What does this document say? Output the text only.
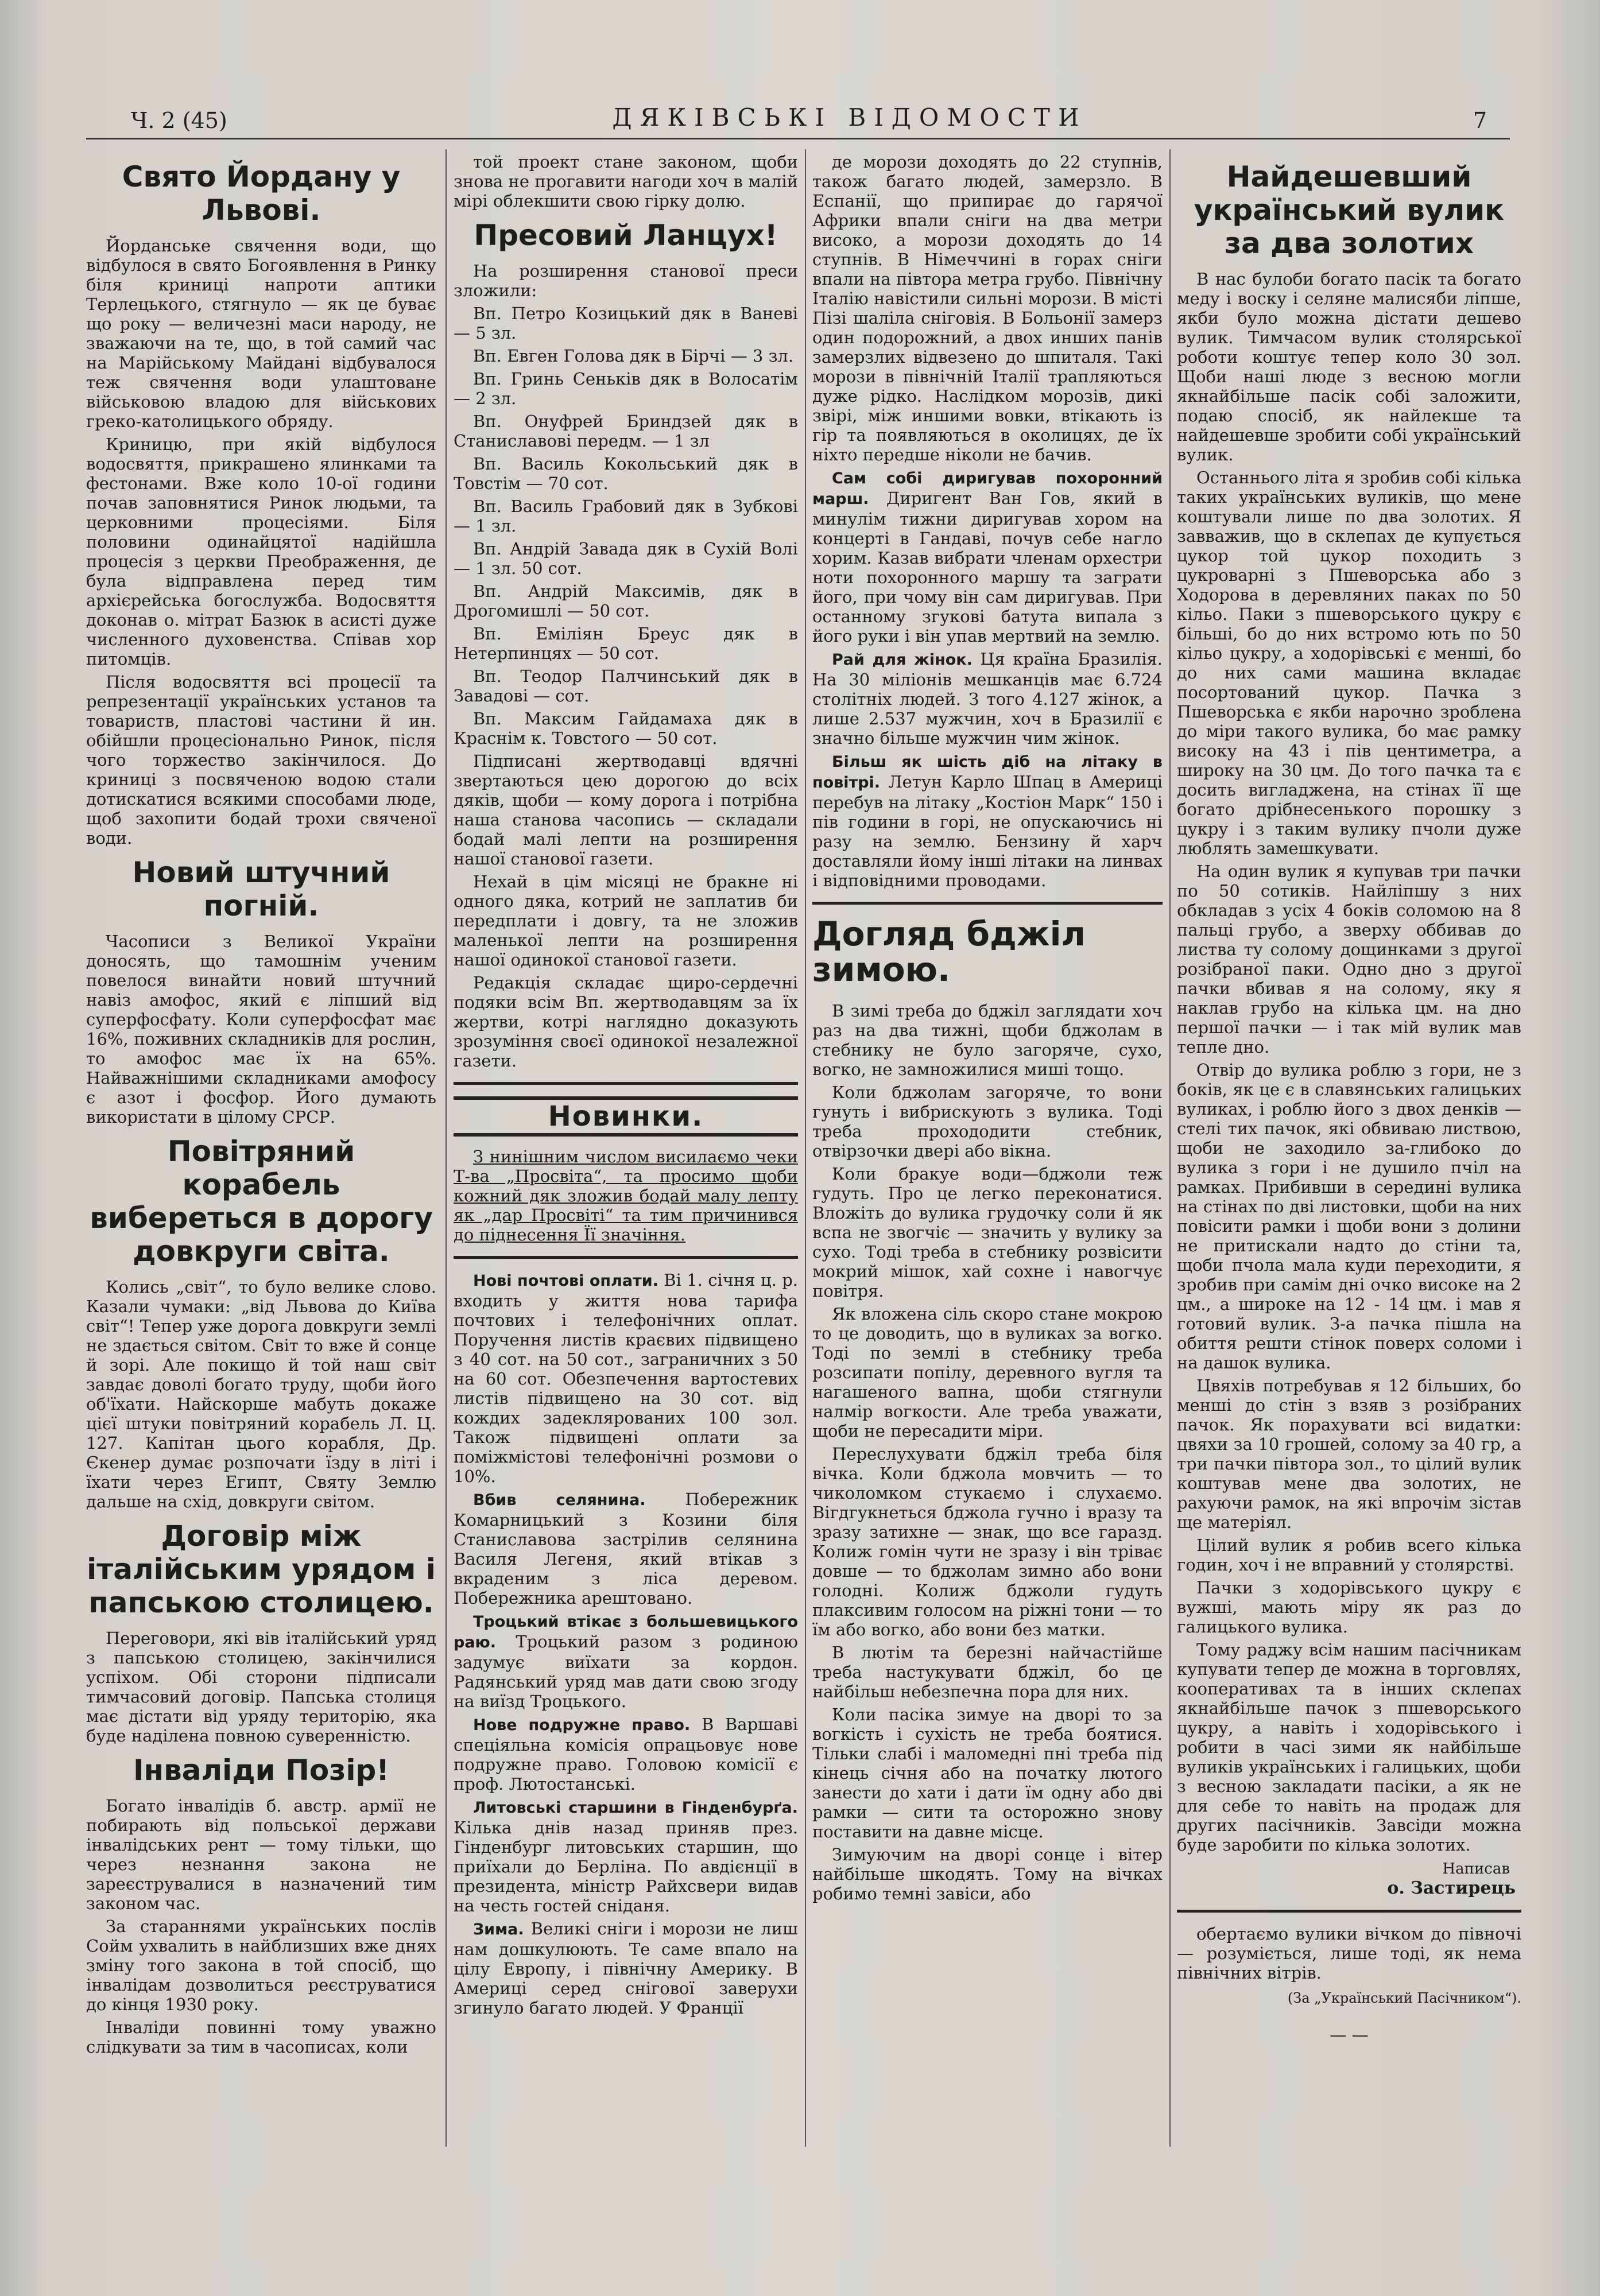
Ч. 2 (45)	ДЯКІВСЬКІ ВІДОМОСТИ	7
Свято Йордану у Львові.

Йорданське свячення води, що відбулося в свято Богоявлення в Ринку біля криниці напроти аптики Терлецького, стягнуло — як це буває що року — величезні маси народу, не зважаючи на те, що, в той самий час на Марійському Майдані відбувалося теж свячення води улаштоване військовою владою для військових греко-католицького обряду.

Криницю, при якій відбулося водосвяття, прикрашено ялинками та фестонами. Вже коло 10-ої години почав заповнятися Ринок людьми, та церковними процесіями. Біля половини одинайцятої надійшла процесія з церкви Преображення, де була відправлена перед тим архієрейська богослужба. Водосвяття доконав о. мітрат Базюк в асисті дуже численного духовенства. Співав хор питомців.

Після водосвяття всі процесії та репрезентації українських установ та товариств, пластові частини й ин. обійшли процесіонально Ринок, після чого торжество закінчилося. До криниці з посвяченою водою стали дотискатися всякими способами люде, щоб захопити бодай трохи свяченої води.

Новий штучний погній.

Часописи з Великої України доносять, що тамошнім ученим повелося винайти новий штучний навіз амофос, який є ліпший від суперфосфату. Коли суперфосфат має 16%, поживних складників для рослин, то амофос має їх на 65%. Найважнішими складниками амофосу є азот і фосфор. Його думають використати в цілому СРСР.

Повітряний корабель вибереться в дорогу довкруги світа.

Колись „світ“, то було велике слово. Казали чумаки: „від Львова до Київа світ“! Тепер уже дорога довкруги землі не здається світом. Світ то вже й сонце й зорі. Але покищо й той наш світ завдає доволі богато труду, щоби його об'їхати. Найскорше мабуть докаже цієї штуки повітряний корабель Л. Ц. 127. Капітан цього корабля, Др. Єкенер думає розпочати їзду в літі і їхати через Египт, Святу Землю дальше на схід, довкруги світом.

Договір між італійським урядом і папською столицею.

Переговори, які вів італійський уряд з папською столицею, закінчилися успіхом. Обі сторони підписали тимчасовий договір. Папська столиця має дістати від уряду територію, яка буде наділена повною суверенністю.

Інваліди Позір!

Богато інвалідів б. австр. армії не побирають від польської держави інвалідських рент — тому тільки, що через незнання закона не зареєструвалися в назначений тим законом час.

За стараннями українських послів Сойм ухвалить в найблизших вже днях зміну того закона в той спосіб, що інвалідам дозволиться реєструватися до кінця 1930 року.

Інваліди повинні тому уважно слідкувати за тим в часописах, коли

той проект стане законом, щоби знова не прогавити нагоди хоч в малій мірі облекшити свою гірку долю.

Пресовий Ланцух!

На розширення станової преси зложили:

Вп. Петро Козицький дяк в Ваневі — 5 зл.

Вп. Евген Голова дяк в Бірчі — 3 зл.

Вп. Гринь Сеньків дяк в Волосатім — 2 зл.

Вп. Онуфрей Бриндзей дяк в Станиславові передм. — 1 зл

Вп. Василь Кокольський дяк в Товстім — 70 сот.

Вп. Василь Грабовий дяк в Зубкові — 1 зл.

Вп. Андрій Завада дяк в Сухій Волі — 1 зл. 50 сот.

Вп. Андрій Максимів, дяк в Дрогомишлі — 50 сот.

Вп. Еміліян Бреус дяк в Нетерпинцях — 50 сот.

Вп. Теодор Палчинський дяк в Завадові — сот.

Вп. Максим Гайдамаха дяк в Краснім к. Товстого — 50 сот.

Підписані жертводавці вдячні звертаються цею дорогою до всіх дяків, щоби — кому дорога і потрібна наша станова часопись — складали бодай малі лепти на розширення нашої станової газети.

Нехай в цім місяці не бракне ні одного дяка, котрий не заплатив би передплати і довгу, та не зложив маленької лепти на розширення нашої одинокої станової газети.

Редакція складає щиро-сердечні подяки всім Вп. жертводавцям за їх жертви, котрі наглядно доказують зрозуміння своєї одинокої незалежної газети.

Новинки.

З нинішним числом висилаємо чеки Т-ва „Просвіта“, та просимо щоби кожний дяк зложив бодай малу лепту як „дар Просвіті“ та тим причинився до піднесення Її значіння.

Нові почтові оплати. Ві 1. січня ц. р. входить у життя нова тарифа почтових і телефонічних оплат. Поручення листів краєвих підвищено з 40 сот. на 50 сот., заграничних з 50 на 60 сот. Обезпечення вартостевих листів підвищено на 30 сот. від кождих задеклярованих 100 зол. Також підвищені оплати за поміжмістові телефонічні розмови о 10%.

Вбив селянина. Побережник Комарницький з Козини біля Станиславова застрілив селянина Василя Легеня, який втікав з вкраденим з ліса деревом. Побережника арештовано.

Троцький втікає з большевицького раю. Троцький разом з родиною задумує виїхати за кордон. Радянський уряд мав дати свою згоду на виїзд Троцького.

Нове подружне право. В Варшаві спеціяльна комісія опрацьовує нове подружне право. Головою комісії є проф. Лютостанські.

Литовські старшини в Гінденбурґа. Кілька днів назад приняв през. Гінденбург литовських старшин, що приїхали до Берліна. По авдієнції в президента, міністр Райхсвери видав на честь гостей сніданя.

Зима. Великі сніги і морози не лиш нам дошкулюють. Те саме впало на цілу Европу, і північну Америку. В Америці серед снігової заверухи згинуло багато людей. У Франції

де морози доходять до 22 ступнів, також багато людей, замерзло. В Еспанії, що припирає до гарячої Африки впали сніги на два метри високо, а морози доходять до 14 ступнів. В Німеччині в горах сніги впали на півтора метра грубо. Північну Італію навістили сильні морози. В місті Пізі шаліла сніговія. В Больонії замерз один подорожний, а двох инших панів замерзлих відвезено до шпиталя. Такі морози в північній Італії трапляються дуже рідко. Наслідком морозів, дикі звірі, між иншими вовки, втікають із гір та появляються в околицях, де їх ніхто передше ніколи не бачив.

Сам собі диригував похоронний марш. Диригент Ван Гов, який в минулім тижни диригував хором на концерті в Гандаві, почув себе нагло хорим. Казав вибрати членам орхестри ноти похоронного маршу та заграти його, при чому він сам диригував. При останному згукові батута випала з його руки і він упав мертвий на землю.

Рай для жінок. Ця країна Бразилія. На 30 міліонів мешканців має 6.724 столітніх людей. З того 4.127 жінок, а лише 2.537 мужчин, хоч в Бразилії є значно більше мужчин чим жінок.

Більш як шість діб на літаку в повітрі. Летун Карло Шпац в Америці перебув на літаку „Костіон Марк“ 150 і пів години в горі, не опускаючись ні разу на землю. Бензину й харч доставляли йому інші літаки на линвах і відповідними проводами.

Догляд бджіл зимою.

В зимі треба до бджіл заглядати хоч раз на два тижні, щоби бджолам в стебнику не було загорячe, сухо, вогко, не замножилися миші тощо.

Коли бджолам загоряче, то вони гунуть і вибрискують з вулика. Тоді треба прохододити стебник, отвірзочки дверi або вікна.

Коли бракуе води—бджоли теж гудуть. Про це легко переконатися. Вложіть до вулика грудочку соли й як вспа не звогчіє — значить у вулику за сухо. Тоді треба в стебнику розвісити мокрий мішок, хай сохне і навогчує повітря.

Як вложена сіль скоро стане мокрою то це доводить, що в вуликах за вогко. Тоді по землі в стебнику треба розсипати попілу, деревного вугля та нагашеного вапна, щоби стягнули налмір вогкости. Але треба уважати, щоби не пересадити міри.

Переслухувати бджіл треба біля вічка. Коли бджола мовчить — то чиколомком стукаємо і слухаємо. Вігдгукнеться бджола гучно і вразу та зразу затихне — знак, що все гаразд. Колиж гомін чути не зразу і він тріває довше — то бджолам зимно або вони голодні. Колиж бджоли гудуть плаксивим голосом на ріжні тони — то їм або вогко, або вони без матки.

В лютім та березні найчастійше треба настукувати бджіл, бо це найбільш небезпечна пора для них.

Коли пасіка зимуе на дворі то за вогкість і сухість не треба боятися. Тільки слабі і маломедні пні треба під кінець січня або на початку лютого занести до хати і дати їм одну або дві рамки — сити та осторожно знову поставити на давне місце.

Зимуючим на дворі сонце і вітер найбільше шкодять. Тому на вічках робимо темні завіси, або

Найдешевший український вулик за два золотих

В нас булоби богато пасік та богато меду і воску і селяне малисяби ліпше, якби було можна дістати дешево вулик. Тимчасом вулик столярської роботи коштує тепер коло 30 зол. Щоби наші люде з весною могли якнайбільше пасік собі заложити, подаю спосіб, як найлекше та найдешевше зробити собі український вулик.

Останнього літа я зробив собі кілька таких українських вуликів, що мене коштували лише по два золотих. Я завважив, що в склепах де купується цукор той цукор походить з цукроварні з Пшеворська або з Ходорова в деревляних паках по 50 кільо. Паки з пшеворського цукру є більші, бо до них встромо ють по 50 кільо цукру, а ходорівські є менші, бо до них сами машина вкладає посортований цукор. Пачка з Пшеворська є якби нарочно зроблена до міри такого вулика, бо має рамку високу на 43 і пів центиметра, а широку на 30 цм. До того пачка та є досить вигладжена, на стінах її ще богато дрібнесенького порошку з цукру і з таким вулику пчоли дуже люблять замешкувати.

На один вулик я купував три пачки по 50 сотиків. Найліпшу з них обкладав з усіх 4 боків соломою на 8 пальці грубо, а зверху оббивав до листва ту солому дощинками з другої розібраної паки. Одно дно з другої пачки вбивав я на солому, яку я наклав грубо на кілька цм. на дно першої пачки — і так мій вулик мав тепле дно.

Отвір до вулика роблю з гори, не з боків, як це є в славянських галицьких вуликах, і роблю його з двох денків — стелі тих пачок, які обвиваю листвою, щоби не заходило за-глибоко до вулика з гори і не душило пчіл на рамках. Прибивши в середині вулика на стінах по дві листовки, щоби на них повісити рамки і щоби вони з долини не притискали надто до стіни та, щоби пчола мала куди переходити, я зробив при самім дні очко високе на 2 цм., а широке на 12 - 14 цм. і мав я готовий вулик. З-а пачка пішла на обиття решти стінок поверх соломи і на дашок вулика.

Цвяхів потребував я 12 більших, бо менші до стін з взяв з розібраних пачок. Як порахувати всі видатки: цвяхи за 10 грошей, солому за 40 гр, а три пачки півтора зол., то цілий вулик коштував мене два золотих, не рахуючи рамок, на які впрочім зістав ще матеріял.

Цілий вулик я робив всего кілька годин, хоч і не вправний у столярстві.

Пачки з ходорівського цукру є вужші, мають міру як раз до галицького вулика.

Тому раджу всім нашим пасічникам купувати тепер де можна в торговлях, кооперативах та в інших склепах якнайбільше пачок з пшеворського цукру, а навіть і ходорівського і робити в часі зими як найбільше вуликів українських і галицьких, щоби з весною закладати пасіки, а як не для себе то навіть на продаж для других пасічників. Завсіди можна буде заробити по кілька золотих.

Написав
о. Застирець

обертаємо вулики вічком до півночі — розуміється, лише тоді, як нема північних вітрів.

(За „Український Пасічником“).
— —
